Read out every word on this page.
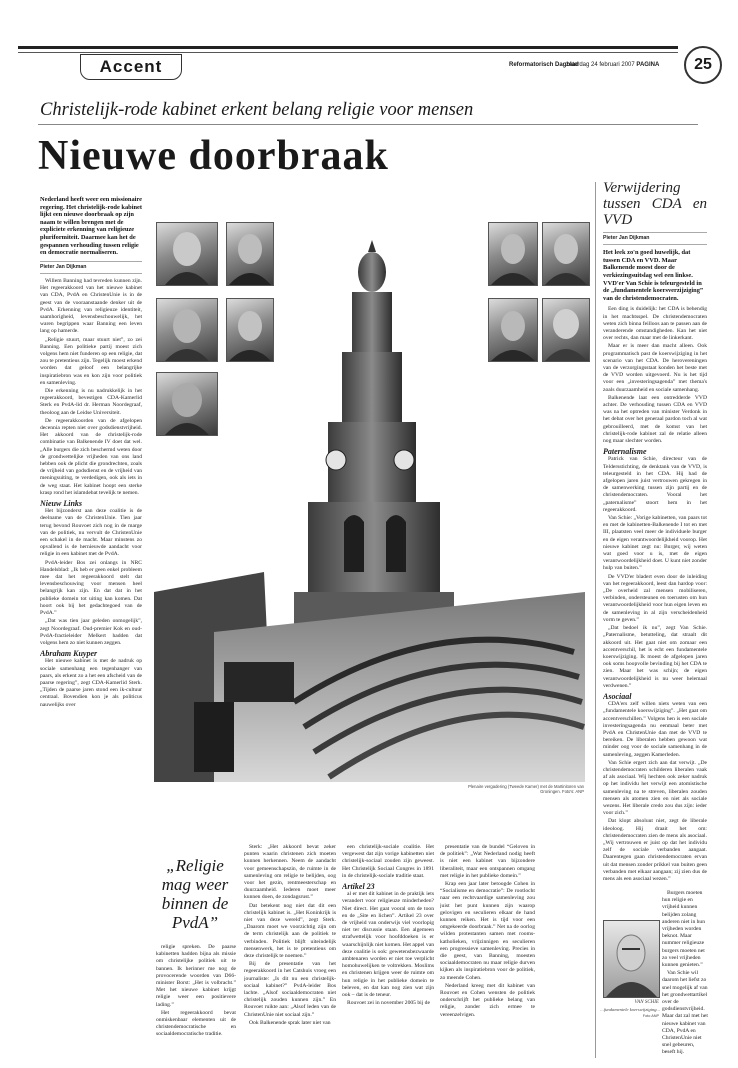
Accent	Reformatorisch Dagblad
zaterdag 24 februari 2007 PAGINA	25
Christelijk-rode kabinet erkent belang religie voor mensen
Nieuwe doorbraak
Nederland heeft weer een missionaire regering. Het christelijk-rode kabinet lijkt een nieuwe doorbraak op zijn naam te willen brengen met de expliciete erkenning van religieuze pluriformiteit. Daarmee kan het de gespannen verhouding tussen religie en democratie normaliseren.
Pieter Jan Dijkman

Willem Banning had tevreden kunnen zijn. Het regeerakkoord van het nieuwe kabinet van CDA, PvdA en ChristenUnie is in de geest van de vooraanstaande denker uit de PvdA. Erkenning van religieuze identiteit, saamhorigheid, levensbeschouwelijk, het waren begrippen waar Banning een leven lang op hamerde.

„Religie stuurt, maar stuurt niet”, zo zei Banning. Een politieke partij moest zich volgens hem niet funderen op een religie, dat zou te pretentieus zijn. Tegelijk moest erkend worden dat geloof een belangrijke inspiratiebron was en kon zijn voor politiek en samenleving.

Die erkenning is nu nadrukkelijk in het regeerakkoord, bevestigen CDA-Kamerlid Sterk en PvdA-lid dr. Herman Noordegraaf, theoloog aan de Leidse Universiteit.

De regeerakkoorden van de afgelopen decennia repten niet over godsdienstvrijheid. Het akkoord van de christelijk-rode combinatie van Balkenende IV doet dat wel. „Alle burgers die zich beschermd weten door de grondwettelijke vrijheden van ons land hebben ook de plicht die grondrechten, zoals de vrijheid van godsdienst en de vrijheid van meningsuiting, te verdedigen, ook als iets in de weg staat. Het kabinet hoopt een sterke krasp rond het islamdebat tevelijk te nemen.

Nieuw Links

Het bijzonderst aan deze coalitie is de deelname van de ChristenUnie. Tien jaar terug bevond Rouvoet zich nog in de marge van de politiek, nu vervult de ChristenUnie een schakel in de macht. Maar minstens zo opvallend is de hernieuwde aandacht voor religie in een kabinet met de PvdA.

PvdA-leider Bos zei onlangs in NRC Handelsblad: „Ik heb er geen enkel probleem mee dat het regeerakkoord stelt dat levensbeschouwing voor mensen heel belangrijk kan zijn. En dat dat in het publieke domein tot uiting kan komen. Dat hoort ook bij het gedachtegoed van de PvdA.”

„Dat was tien jaar geleden onmogelijk”, zegt Noordegraaf. Oud-premier Kok en oud-PvdA-fractieleider Melkert hadden dat volgens hem zo niet kunnen zeggen.

Abraham Kuyper

Het nieuwe kabinet is met de nadruk op sociale samenhang een tegenhanger van paars, als erkent zo a het een afscheid van de paarse regering”, zegt CDA-Kamerlid Sterk. „Tijden de paarse jaren stond een ik-cultuur centraal. Bovendien kon je als politicus nauwelijks over

Plenaire vergadering (Tweede Kamer) met de Martinitoren van Groningen. Foto's: ANP
„Religie mag weer binnen de PvdA”

religie spreken. De paarse kabinetten hadden bijna als missie om christelijke politiek uit te bannen. Ik herinner me nog de provocerende woorden van D66-minister Borst: „Het is volbracht.” Met het nieuwe kabinet krijgt religie weer een positievere lading.”

Het regeerakkoord bevat onmiskenbaar elementen uit de christendemocratische en sociaaldemocratische traditie.

Sterk: „Het akkoord bevat zeker punten waarin christenen zich moeten kunnen herkennen. Neem de aandacht voor gemeenschapszin, de ruimte in de samenleving om religie te belijden, oog voor het gezin, rentmeesterschap en duurzaamheid. Iederen moet meer kunnen doen, de zondagsrust.”

Dat betekent nog niet dat dit een christelijk kabinet is. „Het Koninkrijk is niet van deze wereld”, zegt Sterk. „Daarom moet we voorzichtig zijn om de term christelijk aan de politiek te verbinden. Politiek blijft uiteindelijk mensenwerk, het is te pretentieus om deze christelijk te noemen.”

Bij de presentatie van het regeerakkoord in het Catshuis vroeg een journaliste: „Is dit nu een christelijk-sociaal kabinet?” PvdA-leider Bos lachte. „Alsof sociaaldemocraten niet christelijk zouden kunnen zijn.” En Rouvoet ruikte aan: „Alsof leden van de ChristenUnie niet sociaal zijn.”

Ook Balkenende sprak later niet van

een christelijk-sociale coalitie. Het vergewest dat zijn vorige kabinetten niet christelijk-sociaal zouden zijn geweest. Het Christelijk Sociaal Congres in 1891 in de christelijk-sociale traditie staat.

Artikel 23

al er met dit kabinet in de praktijk iets verandert voor religieuze minderheden? Niet direct. Het gaat vooral om de toon en de „Site en lichen”. Artikel 23 over de vrijheid van onderwijs viel voorlopig niet ter discussie staan. Een algemeen strafwettelijk voor hoofddoeken is er waarschijnlijk niet komen. Het appel van deze coalitie is ook: gewetensbezwaarde ambtenaren worden er niet toe verplicht homohuwelijken te voltrekken. Moslims en christenen krijgen weer de ruimte om hun religie in het publieke domein te beleven, en dat kan nog zien wat zijn ook – dat is de teneur.

Rouvoet zei in november 2005 bij de

presentatie van de bundel “Geloven in de politiek”: „Wat Nederland nodig heeft is niet een kabinet van bijzondere liberaliteit, maar een ontspannen omgang met religie in het publieke domein.”

Krap een jaar later betoogde Cohen in “Socialisme en democratie”: De rootlocht naar een rechtvaardige samenleving zou juist het punt kunnen zijn waarop gelovigen en seculieren elkaar de hand kunnen reiken. Het is tijd voor een omgekeerde doorbraak.” Net na de oorlog wilden protestanten samen met rooms-katholieken, vrijzinnigen en seculieren een progressieve samenleving. Precies in die geest, van Banning, moesten sociaaldemocraten nu maar religie durven kijken als inspiratiebron voor de politiek, zo meende Cohen.

Nederland kreeg met dit kabinet van Rouvoet en Cohen wensten de politiek onderschrijft het publieke belang van religie, zonder zich ermee te vereenzelvigen.

Verwijdering tussen CDA en VVD
Pieter Jan Dijkman
Het leek zo'n goed huwelijk, dat tussen CDA en VVD. Maar Balkenende moest door de verkiezingsuitslag wel een linkse. VVD'er Van Schie is teleurgesteld in de „fundamentele koersverzijziging” van de christendemocraten.

Een ding is duidelijk: het CDA is behendig in het machtsspel. De christendemocraten weten zich binna feilloos aan te passen aan de veranderende omstandigheden. Kan het niet over rechts, dan maar met de linkerkant.

Maar er is meer dan macht alleen. Ook programmatisch past de koerswijziging in het scenario van het CDA. De herovereningen van de verzorgingsstaat konden het beste met de VVD worden uitgevoerd. Nu is het tijd voor een „investeringsagenda” met thema's zoals duurzaamheid en sociale samenhang.

Balkenende laat een ontredderde VVD achter. De verhouding tussen CDA en VVD was na het optreden van minister Verdonk in het debat over het generaal pardon toch al wat gebrouilleerd, met de komst van het christelijk-rode kabinet zal de relatie alleen nog maar slechter worden.

Paternalisme

Patrick van Schie, directeur van de Teldersstichting, de denktank van de VVD, is teleurgesteld in het CDA. Hij had de afgelopen jaren juist vertrouwen gekregen in de samenwerking tussen zijn partij en de christendemocraten. Vooral het „paternalisme” stoort hem in het regeerakkoord.

Van Schie: „Vorige kabinetten, van paars tot en met de kabinetten-Balkenende I tot en met III, plaatsten veel meer de individuele burger en de eigen verantwoordelijkheid voorop. Het nieuwe kabinet zegt nu: Burger, wij weten wat goed voor u is, met de eigen verantwoordelijkheid doet. U kunt niet zonder hulp van buiten.”

De VVD'er bladert even door de inleiding van het regeerakkoord, leest dan hardop voor: „De overheid zal mensen mobiliseren, verbinden, ondersteunen en toerusten om hun verantwoordelijkheid voor hun eigen leven en de samenleving in al zijn verscheidenheid vorm te geven.”

„Dat bedoel ik nu”, zegt Van Schie. „Paternalisme, betutteling, dat straalt dit akkoord uit. Het gaat niet om zomaar een accentverschil, het is echt een fundamentele koerswijziging. Ik moest de afgelopen jaren ook soms hoopvolle bevinding bij het CDA te zien. Maar het was schijn; de eigen verantwoordelijkheid is nu weer helemaal verdwenen.”

Asociaal

CDA'ers zelf willen niets weten van een „fundamentele koerswijziging”. „Het gaat om accentverschillen.” Volgens hen is een sociale investeringsagenda nu eenmaal beter met PvdA en ChristenUnie dan met de VVD te bereiken. De liberalen hebben gewoon wat minder oog voor de sociale samenhang in de samenleving, zeggen Kamerleden.

Van Schie ergert zich aan dat verwijt. „De christendemocraten schilderen liberalen vaak af als asociaal. Wij hechten ook zeker nadruk op het individu het verwijt een atomistische samenleving na te streven, liberalen zouden mensen als atomen zien en niet als sociale wezens. Het liberale credo zou dus zijn: ieder voor zich.”

Dat klopt absoluut niet, zegt de liberale ideoloog. Hij draait het om: christendemocraten zien de mens als asociaal. „Wij vertrouwen er juist op dat het individu zelf de sociale verbanden aangaat. Daarentegen gaan christendemocraten ervan uit dat mensen zonder prikkel van buiten geen verbanden met elkaar aangaan; zij zien dus de mens als een asociaal wezen.”

Burgers moeten hun religie en vrijheid kunnen belijden zolang anderen niet in hun vrijheden worden beknot. Maar nummer religieuze burgers moeten net zo veel vrijheden kunnen genieten.”

Van Schie wil daarom het liefst zo snel mogelijk af van het grondwettartikel over de godsdienstvrijheid. Maar dat zal met het nieuwe kabinet van CDA, PvdA en ChristenUnie niet snel gebeuren, beseft hij.

VAN SCHIE
...fundamentele koerswijziging...
Foto ANP
